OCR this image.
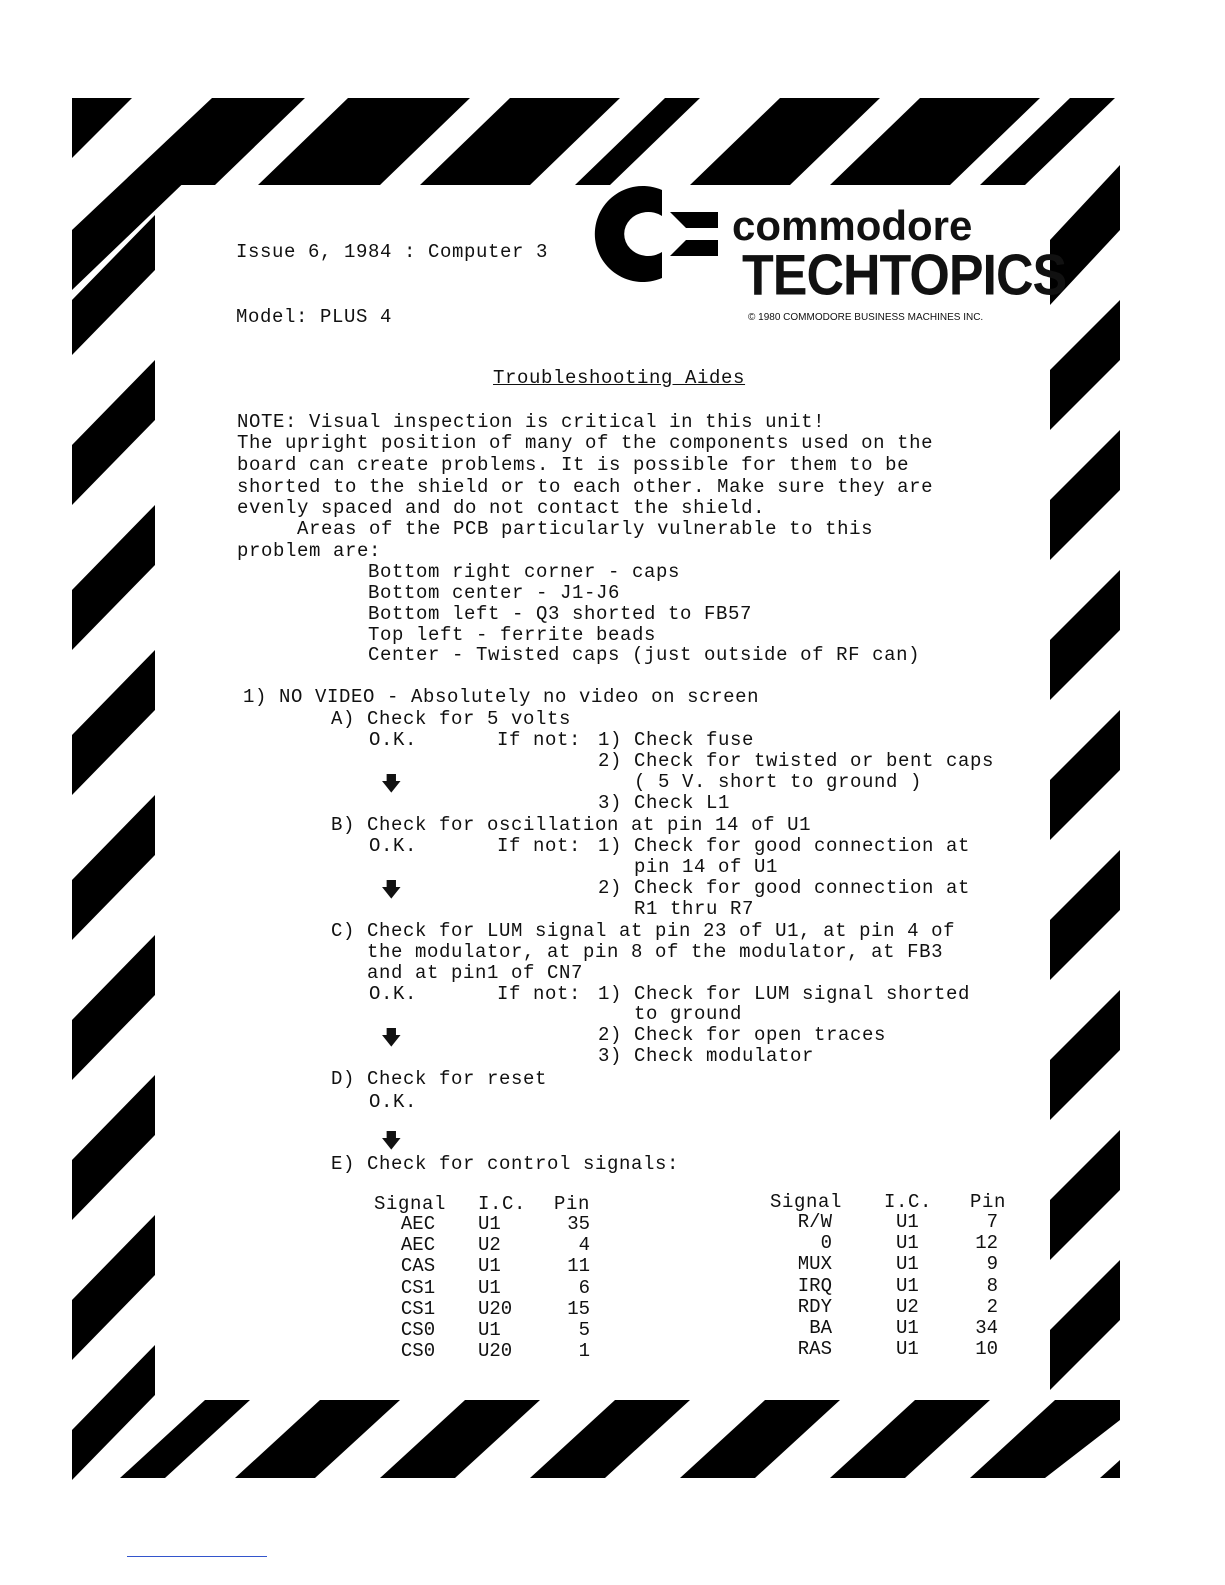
Issue 6, 1984 : Computer 3
Model: PLUS 4
commodore
TECHTOPICS
© 1980 COMMODORE BUSINESS MACHINES INC.
Troubleshooting Aides
NOTE: Visual inspection is critical in this unit!
The upright position of many of the components used on the
board can create problems. It is possible for them to be
shorted to the shield or to each other. Make sure they are
evenly spaced and do not contact the shield.
Areas of the PCB particularly vulnerable to this
problem are:
Bottom right corner - caps
Bottom center - J1-J6
Bottom left - Q3 shorted to FB57
Top left - ferrite beads
Center - Twisted caps (just outside of RF can)
1) NO VIDEO - Absolutely no video on screen
A) Check for 5 volts
O.K.	If not: 1) Check fuse
2) Check for twisted or bent caps
( 5 V. short to ground )
3) Check L1
🡇
B) Check for oscillation at pin 14 of U1
O.K.	If not: 1) Check for good connection at
pin 14 of U1
2) Check for good connection at
R1 thru R7
🡇
C) Check for LUM signal at pin 23 of U1, at pin 4 of
the modulator, at pin 8 of the modulator, at FB3
and at pin1 of CN7
O.K.	If not: 1) Check for LUM signal shorted
to ground
2) Check for open traces
3) Check modulator
🡇
D) Check for reset
O.K.
🡇
E) Check for control signals:
Signal I.C. Pin
AEC	U1	35
AEC	U2	4
CAS	U1	11
CS1	U1	6
CS1	U20	15
CS0	U1	5
CS0	U20	1
Signal I.C. Pin
R/W	U1	7
0	U1	12
MUX	U1	9
IRQ	U1	8
RDY	U2	2
BA	U1	34
RAS	U1	10
